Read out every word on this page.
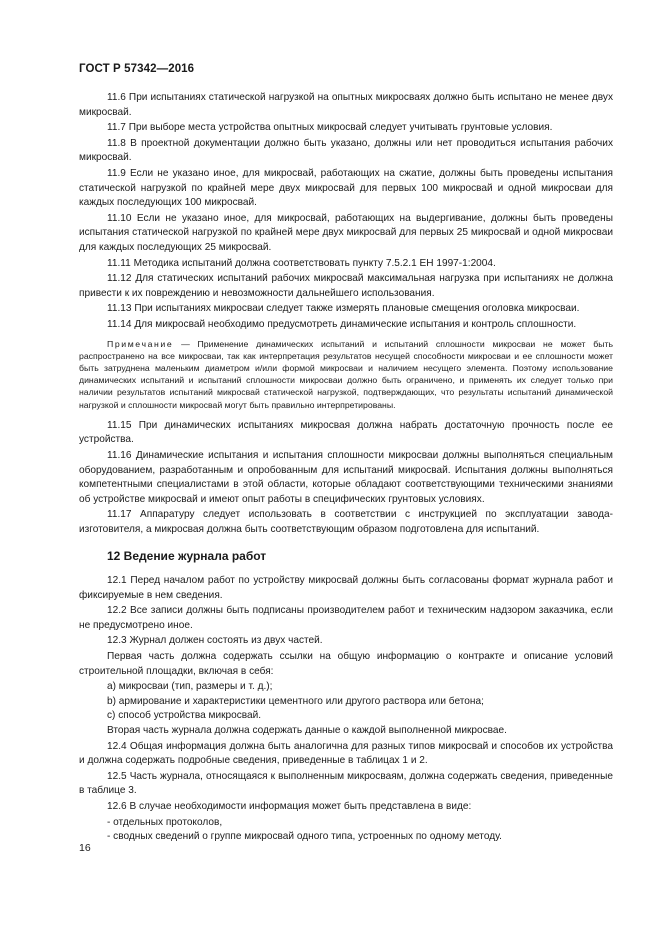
ГОСТ Р 57342—2016

11.6 При испытаниях статической нагрузкой на опытных микросваях должно быть испытано не менее двух микросвай.

11.7 При выборе места устройства опытных микросвай следует учитывать грунтовые условия.

11.8 В проектной документации должно быть указано, должны или нет проводиться испытания рабочих микросвай.

11.9 Если не указано иное, для микросвай, работающих на сжатие, должны быть проведены испытания статической нагрузкой по крайней мере двух микросвай для первых 100 микросвай и одной микросваи для каждых последующих 100 микросвай.

11.10 Если не указано иное, для микросвай, работающих на выдергивание, должны быть проведены испытания статической нагрузкой по крайней мере двух микросвай для первых 25 микросвай и одной микросваи для каждых последующих 25 микросвай.

11.11 Методика испытаний должна соответствовать пункту 7.5.2.1 ЕН 1997-1:2004.

11.12 Для статических испытаний рабочих микросвай максимальная нагрузка при испытаниях не должна привести к их повреждению и невозможности дальнейшего использования.

11.13 При испытаниях микросваи следует также измерять плановые смещения оголовка микросваи.

11.14 Для микросвай необходимо предусмотреть динамические испытания и контроль сплошности.

Примечание — Применение динамических испытаний и испытаний сплошности микросваи не может быть распространено на все микросваи, так как интерпретация результатов несущей способности микросваи и ее сплошности может быть затруднена маленьким диаметром и/или формой микросваи и наличием несущего элемента. Поэтому использование динамических испытаний и испытаний сплошности микросваи должно быть ограничено, и применять их следует только при наличии результатов испытаний микросвай статической нагрузкой, подтверждающих, что результаты испытаний динамической нагрузкой и сплошности микросвай могут быть правильно интерпретированы.

11.15 При динамических испытаниях микросвая должна набрать достаточную прочность после ее устройства.

11.16 Динамические испытания и испытания сплошности микросваи должны выполняться специальным оборудованием, разработанным и опробованным для испытаний микросвай. Испытания должны выполняться компетентными специалистами в этой области, которые обладают соответствующими техническими знаниями об устройстве микросвай и имеют опыт работы в специфических грунтовых условиях.

11.17 Аппаратуру следует использовать в соответствии с инструкцией по эксплуатации завода-изготовителя, а микросвая должна быть соответствующим образом подготовлена для испытаний.

12 Ведение журнала работ

12.1 Перед началом работ по устройству микросвай должны быть согласованы формат журнала работ и фиксируемые в нем сведения.

12.2 Все записи должны быть подписаны производителем работ и техническим надзором заказчика, если не предусмотрено иное.

12.3 Журнал должен состоять из двух частей.

Первая часть должна содержать ссылки на общую информацию о контракте и описание условий строительной площадки, включая в себя:

а) микросваи (тип, размеры и т. д.);

b) армирование и характеристики цементного или другого раствора или бетона;

c) способ устройства микросвай.

Вторая часть журнала должна содержать данные о каждой выполненной микросвае.

12.4 Общая информация должна быть аналогична для разных типов микросвай и способов их устройства и должна содержать подробные сведения, приведенные в таблицах 1 и 2.

12.5 Часть журнала, относящаяся к выполненным микросваям, должна содержать сведения, приведенные в таблице 3.

12.6 В случае необходимости информация может быть представлена в виде:

- отдельных протоколов,

- сводных сведений о группе микросвай одного типа, устроенных по одному методу.

16
